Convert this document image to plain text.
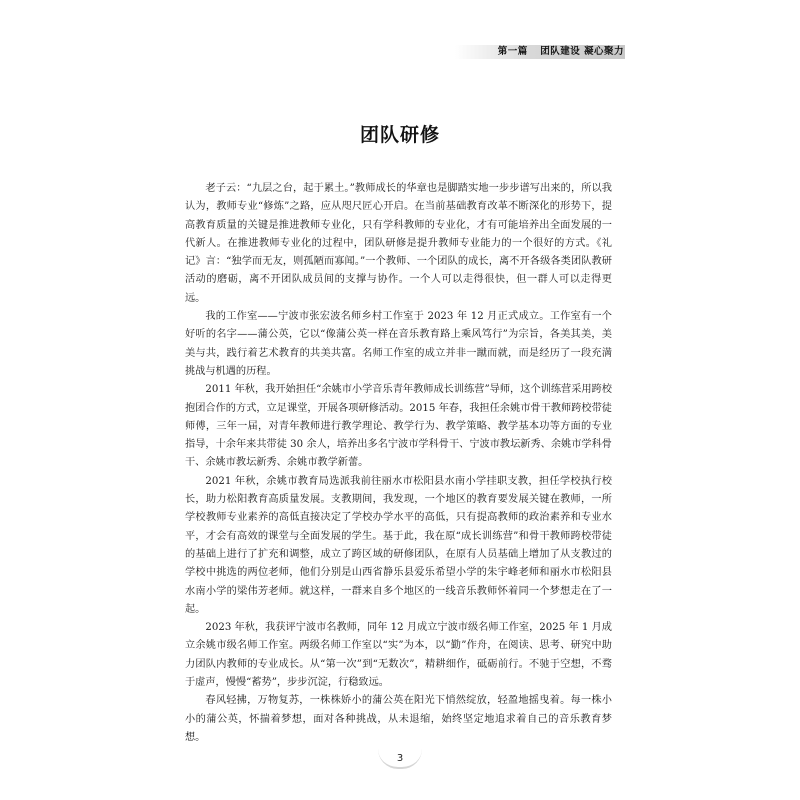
第一篇 团队建设 凝心聚力
团队研修

老子云：“九层之台，起于累土。”教师成长的华章也是脚踏实地一步步谱写出来的，所以我认为，教师专业“修炼”之路，应从咫尺匠心开启。在当前基础教育改革不断深化的形势下，提高教育质量的关键是推进教师专业化，只有学科教师的专业化，才有可能培养出全面发展的一代新人。在推进教师专业化的过程中，团队研修是提升教师专业能力的一个很好的方式。《礼记》言：“独学而无友，则孤陋而寡闻。”一个教师、一个团队的成长，离不开各级各类团队教研活动的磨砺，离不开团队成员间的支撑与协作。一个人可以走得很快，但一群人可以走得更远。

我的工作室——宁波市张宏波名师乡村工作室于 2023 年 12 月正式成立。工作室有一个好听的名字——蒲公英，它以“像蒲公英一样在音乐教育路上乘风笃行”为宗旨，各美其美，美美与共，践行着艺术教育的共美共富。名师工作室的成立并非一蹴而就，而是经历了一段充满挑战与机遇的历程。

2011 年秋，我开始担任“余姚市小学音乐青年教师成长训练营”导师，这个训练营采用跨校抱团合作的方式，立足课堂，开展各项研修活动。2015 年春，我担任余姚市骨干教师跨校带徒师傅，三年一届，对青年教师进行教学理论、教学行为、教学策略、教学基本功等方面的专业指导，十余年来共带徒 30 余人，培养出多名宁波市学科骨干、宁波市教坛新秀、余姚市学科骨干、余姚市教坛新秀、余姚市教学新蕾。

2021 年秋，余姚市教育局选派我前往丽水市松阳县水南小学挂职支教，担任学校执行校长，助力松阳教育高质量发展。支教期间，我发现，一个地区的教育要发展关键在教师，一所学校教师专业素养的高低直接决定了学校办学水平的高低，只有提高教师的政治素养和专业水平，才会有高效的课堂与全面发展的学生。基于此，我在原“成长训练营”和骨干教师跨校带徒的基础上进行了扩充和调整，成立了跨区域的研修团队，在原有人员基础上增加了从支教过的学校中挑选的两位老师，他们分别是山西省静乐县爱乐希望小学的朱宇峰老师和丽水市松阳县水南小学的梁伟芳老师。就这样，一群来自多个地区的一线音乐教师怀着同一个梦想走在了一起。

2023 年秋，我获评宁波市名教师，同年 12 月成立宁波市级名师工作室，2025 年 1 月成立余姚市级名师工作室。两级名师工作室以“实”为本，以“勤”作舟，在阅读、思考、研究中助力团队内教师的专业成长。从“第一次”到“无数次”，精耕细作，砥砺前行。不驰于空想，不骛于虚声，慢慢“蓄势”，步步沉淀，行稳致远。

春风轻拂，万物复苏，一株株娇小的蒲公英在阳光下悄然绽放，轻盈地摇曳着。每一株小小的蒲公英，怀揣着梦想，面对各种挑战，从未退缩，始终坚定地追求着自己的音乐教育梦想。

3
